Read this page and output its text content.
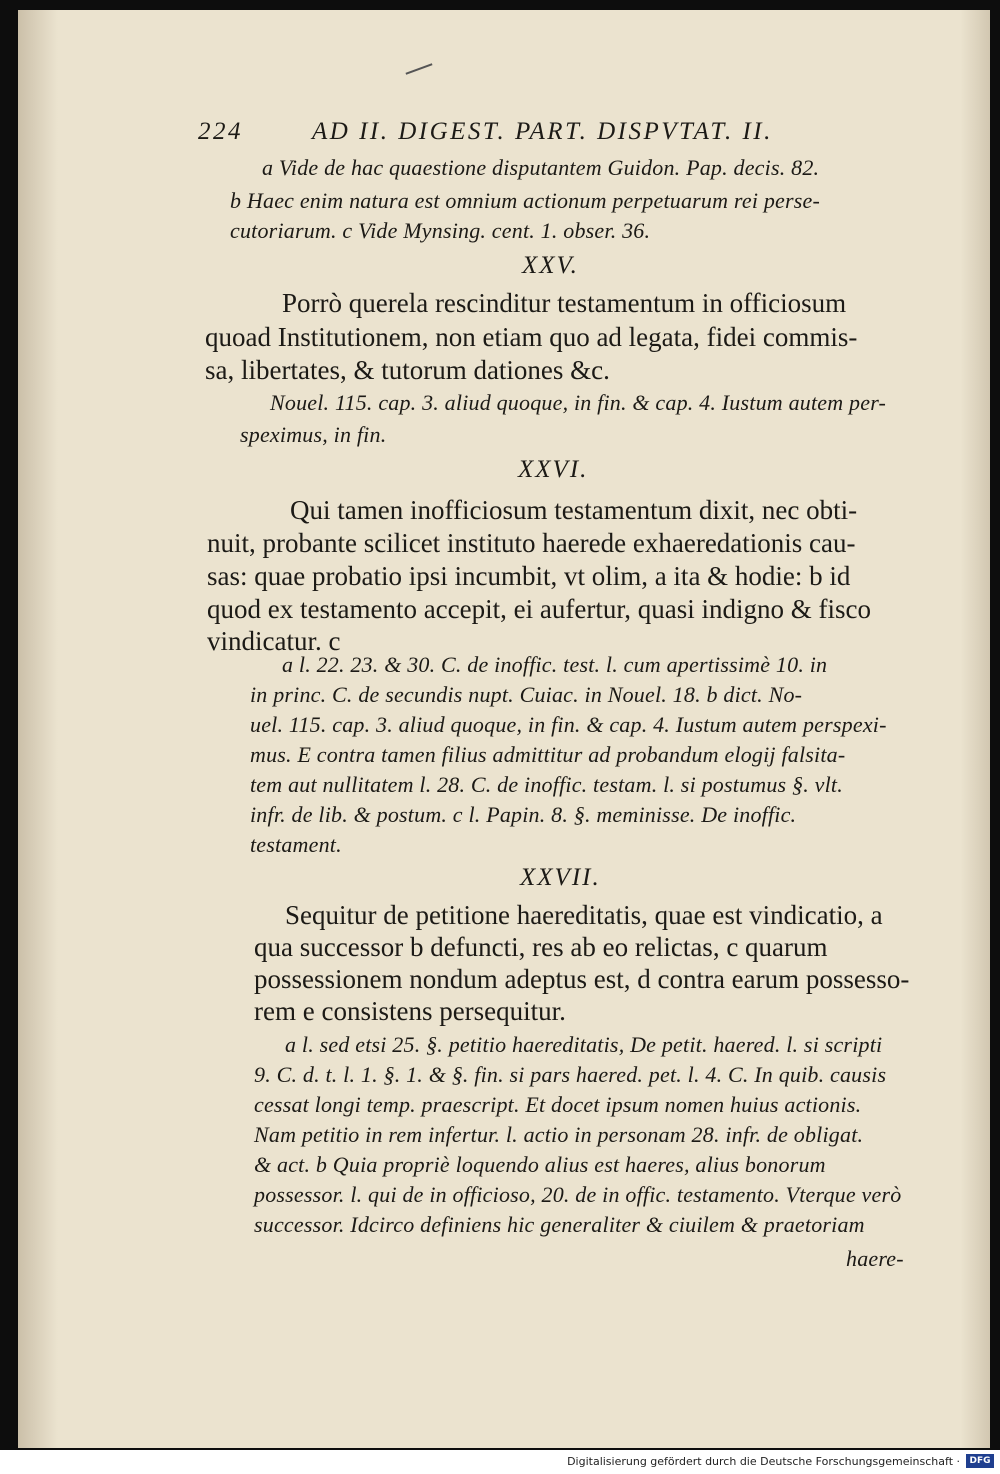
224	AD II. DIGEST. PART. DISPVTAT. II.
a Vide de hac quaestione disputantem Guidon. Pap. decis. 82.
b Haec enim natura est omnium actionum perpetuarum rei perse-
cutoriarum. c Vide Mynsing. cent. 1. obser. 36.
XXV.
Porrò querela rescinditur testamentum in officiosum
quoad Institutionem, non etiam quo ad legata, fidei commis-
sa, libertates, & tutorum dationes &c.
Nouel. 115. cap. 3. aliud quoque, in fin. & cap. 4. Iustum autem per-
speximus, in fin.
XXVI.
Qui tamen inofficiosum testamentum dixit, nec obti-
nuit, probante scilicet instituto haerede exhaeredationis cau-
sas: quae probatio ipsi incumbit, vt olim, a ita & hodie: b id
quod ex testamento accepit, ei aufertur, quasi indigno & fisco
vindicatur. c
a l. 22. 23. & 30. C. de inoffic. test. l. cum apertissimè 10. in
in princ. C. de secundis nupt. Cuiac. in Nouel. 18. b dict. No-
uel. 115. cap. 3. aliud quoque, in fin. & cap. 4. Iustum autem perspexi-
mus. E contra tamen filius admittitur ad probandum elogij falsita-
tem aut nullitatem l. 28. C. de inoffic. testam. l. si postumus §. vlt.
infr. de lib. & postum. c l. Papin. 8. §. meminisse. De inoffic.
testament.
XXVII.
Sequitur de petitione haereditatis, quae est vindicatio, a
qua successor b defuncti, res ab eo relictas, c quarum
possessionem nondum adeptus est, d contra earum possesso-
rem e consistens persequitur.
a l. sed etsi 25. §. petitio haereditatis, De petit. haered. l. si scripti
9. C. d. t. l. 1. §. 1. & §. fin. si pars haered. pet. l. 4. C. In quib. causis
cessat longi temp. praescript. Et docet ipsum nomen huius actionis.
Nam petitio in rem infertur. l. actio in personam 28. infr. de obligat.
& act. b Quia propriè loquendo alius est haeres, alius bonorum
possessor. l. qui de in officioso, 20. de in offic. testamento. Vterque verò
successor. Idcirco definiens hic generaliter & ciuilem & praetoriam
haere-
Digitalisierung gefördert durch die Deutsche Forschungsgemeinschaft ·	DFG
